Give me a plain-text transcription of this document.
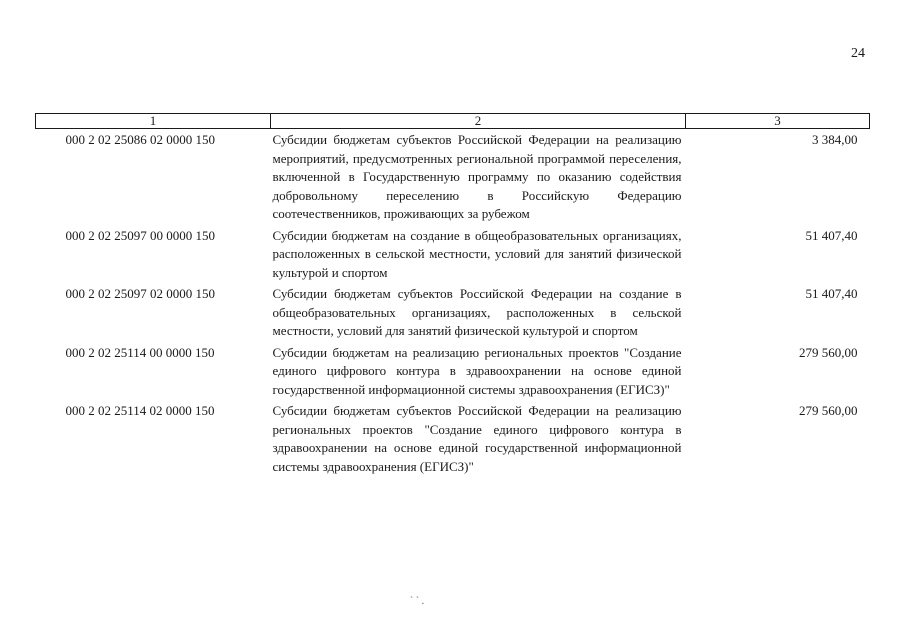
24
1	2	3
000 2 02 25086 02 0000 150	Субсидии бюджетам субъектов Российской Федерации на реализацию мероприятий, предусмотренных региональной программой переселения, включенной в Государственную программу по оказанию содействия добровольному переселению в Российскую Федерацию соотечественников, проживающих за рубежом	3 384,00
000 2 02 25097 00 0000 150	Субсидии бюджетам на создание в общеобразовательных организациях, расположенных в сельской местности, условий для занятий физической культурой и спортом	51 407,40
000 2 02 25097 02 0000 150	Субсидии бюджетам субъектов Российской Федерации на создание в общеобразовательных организациях, расположенных в сельской местности, условий для занятий физической культурой и спортом	51 407,40
000 2 02 25114 00 0000 150	Субсидии бюджетам на реализацию региональных проектов "Создание единого цифрового контура в здравоохранении на основе единой государственной информационной системы здравоохранения (ЕГИСЗ)"	279 560,00
000 2 02 25114 02 0000 150	Субсидии бюджетам субъектов Российской Федерации на реализацию региональных проектов "Создание единого цифрового контура в здравоохранении на основе единой государственной информационной системы здравоохранения (ЕГИСЗ)"	279 560,00
` ` .
